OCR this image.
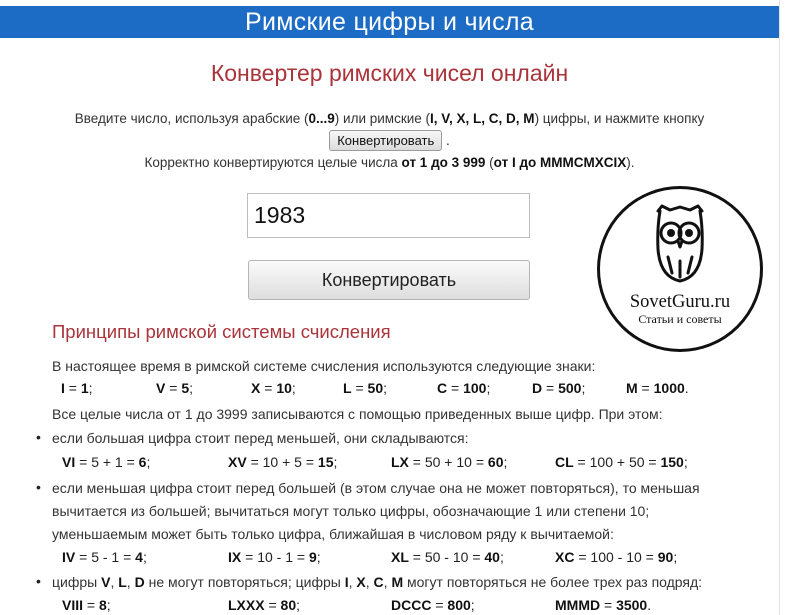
Римские цифры и числа
Конвертер римских чисел онлайн
Введите число, используя арабские (0...9) или римские (I, V, X, L, C, D, M) цифры, и нажмите кнопку
Конвертировать .
Корректно конвертируются целые числа от 1 до 3 999 (от I до MMMCMXCIX).
1983
Конвертировать
SovetGuru.ru
Статьи и советы
Принципы римской системы счисления
В настоящее время в римской системе счисления используются следующие знаки:
I = 1;	V = 5;	X = 10;	L = 50;	C = 100;	D = 500;	M = 1000.
Все целые числа от 1 до 3999 записываются с помощью приведенных выше цифр. При этом:
• если большая цифра стоит перед меньшей, они складываются:
VI = 5 + 1 = 6;	XV = 10 + 5 = 15;	LX = 50 + 10 = 60;	CL = 100 + 50 = 150;
• если меньшая цифра стоит перед большей (в этом случае она не может повторяться), то меньшая
вычитается из большей; вычитаться могут только цифры, обозначающие 1 или степени 10;
уменьшаемым может быть только цифра, ближайшая в числовом ряду к вычитаемой:
IV = 5 - 1 = 4;	IX = 10 - 1 = 9;	XL = 50 - 10 = 40;	XC = 100 - 10 = 90;
• цифры V, L, D не могут повторяться; цифры I, X, C, M могут повторяться не более трех раз подряд:
VIII = 8;	LXXX = 80;	DCCC = 800;	MMMD = 3500.
